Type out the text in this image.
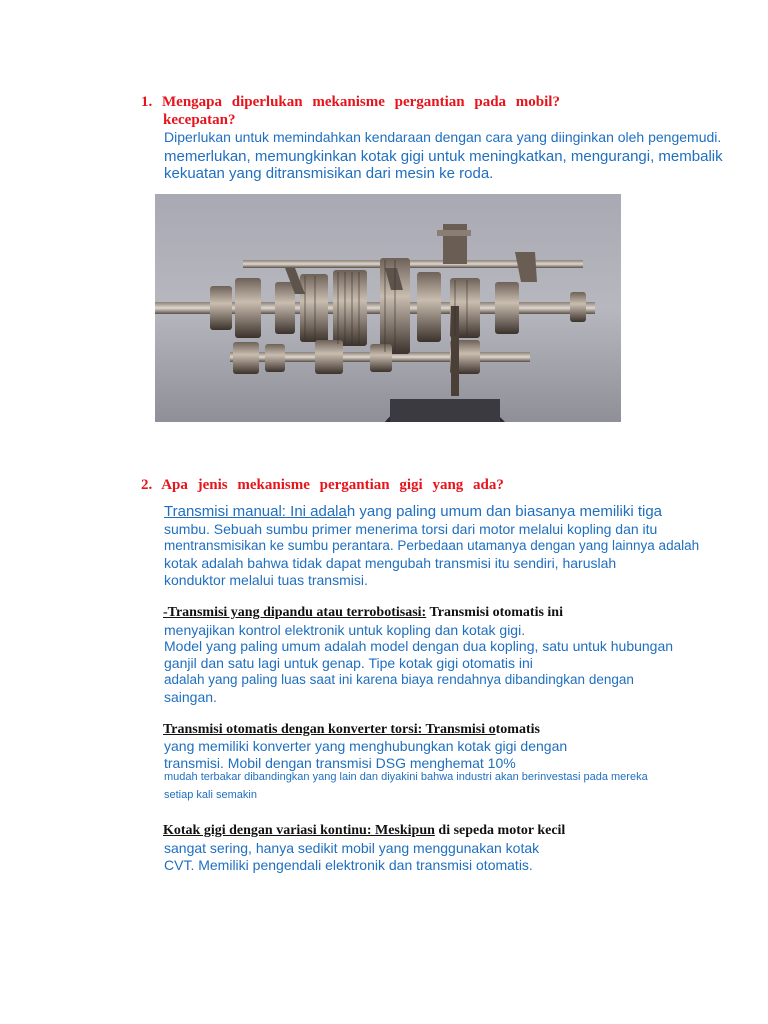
1. Mengapa diperlukan mekanisme pergantian pada mobil?
kecepatan?
Diperlukan untuk memindahkan kendaraan dengan cara yang diinginkan oleh pengemudi.
memerlukan, memungkinkan kotak gigi untuk meningkatkan, mengurangi, membalik
kekuatan yang ditransmisikan dari mesin ke roda.
2. Apa jenis mekanisme pergantian gigi yang ada?
Transmisi manual: Ini adalah yang paling umum dan biasanya memiliki tiga
sumbu. Sebuah sumbu primer menerima torsi dari motor melalui kopling dan itu
mentransmisikan ke sumbu perantara. Perbedaan utamanya dengan yang lainnya adalah
kotak adalah bahwa tidak dapat mengubah transmisi itu sendiri, haruslah
konduktor melalui tuas transmisi.
-Transmisi yang dipandu atau terrobotisasi: Transmisi otomatis ini
menyajikan kontrol elektronik untuk kopling dan kotak gigi.
Model yang paling umum adalah model dengan dua kopling, satu untuk hubungan
ganjil dan satu lagi untuk genap. Tipe kotak gigi otomatis ini
adalah yang paling luas saat ini karena biaya rendahnya dibandingkan dengan
saingan.
Transmisi otomatis dengan konverter torsi: Transmisi otomatis
yang memiliki konverter yang menghubungkan kotak gigi dengan
transmisi. Mobil dengan transmisi DSG menghemat 10%
mudah terbakar dibandingkan yang lain dan diyakini bahwa industri akan berinvestasi pada mereka
setiap kali semakin
Kotak gigi dengan variasi kontinu: Meskipun di sepeda motor kecil
sangat sering, hanya sedikit mobil yang menggunakan kotak
CVT. Memiliki pengendali elektronik dan transmisi otomatis.
